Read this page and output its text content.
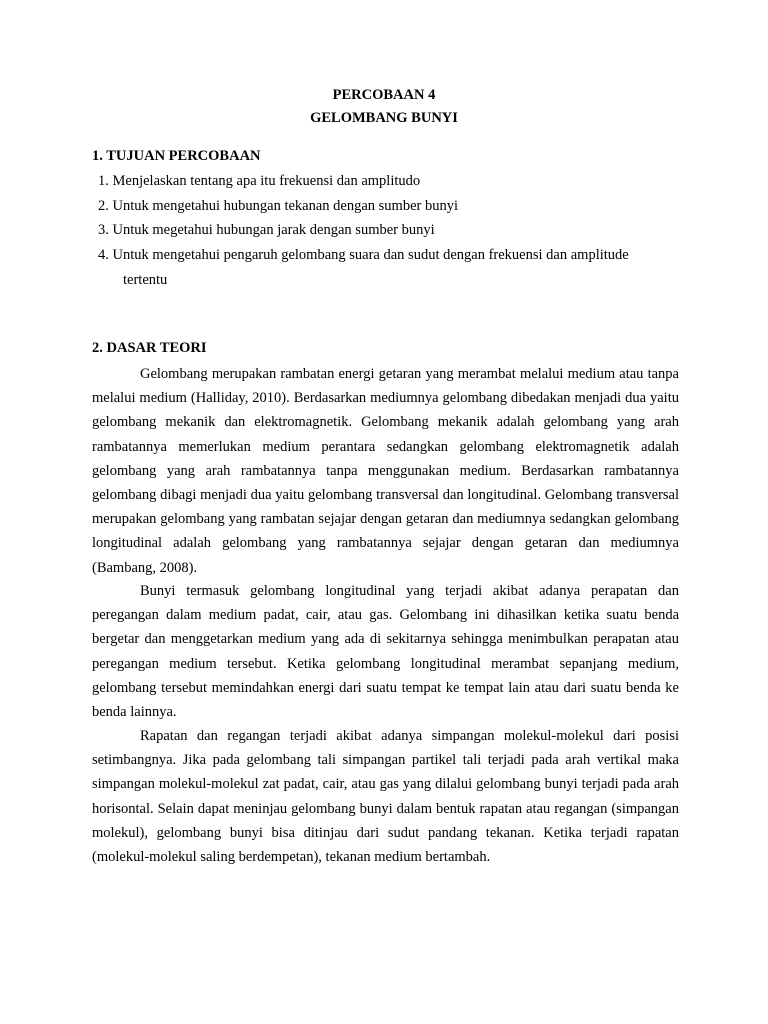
PERCOBAAN 4
GELOMBANG BUNYI
1. TUJUAN PERCOBAAN
1. Menjelaskan tentang apa itu frekuensi dan amplitudo
2. Untuk mengetahui hubungan tekanan dengan sumber bunyi
3. Untuk megetahui hubungan jarak dengan sumber bunyi
4. Untuk mengetahui pengaruh gelombang suara dan sudut dengan frekuensi dan amplitude
tertentu
2. DASAR TEORI

Gelombang merupakan rambatan energi getaran yang merambat melalui medium atau tanpa melalui medium (Halliday, 2010). Berdasarkan mediumnya gelombang dibedakan menjadi dua yaitu gelombang mekanik dan elektromagnetik. Gelombang mekanik adalah gelombang yang arah rambatannya memerlukan medium perantara sedangkan gelombang elektromagnetik adalah gelombang yang arah rambatannya tanpa menggunakan medium. Berdasarkan rambatannya gelombang dibagi menjadi dua yaitu gelombang transversal dan longitudinal. Gelombang transversal merupakan gelombang yang rambatan sejajar dengan getaran dan mediumnya sedangkan gelombang longitudinal adalah gelombang yang rambatannya sejajar dengan getaran dan mediumnya (Bambang, 2008).

Bunyi termasuk gelombang longitudinal yang terjadi akibat adanya perapatan dan peregangan dalam medium padat, cair, atau gas. Gelombang ini dihasilkan ketika suatu benda bergetar dan menggetarkan medium yang ada di sekitarnya sehingga menimbulkan perapatan atau peregangan medium tersebut. Ketika gelombang longitudinal merambat sepanjang medium, gelombang tersebut memindahkan energi dari suatu tempat ke tempat lain atau dari suatu benda ke benda lainnya.

Rapatan dan regangan terjadi akibat adanya simpangan molekul-molekul dari posisi setimbangnya. Jika pada gelombang tali simpangan partikel tali terjadi pada arah vertikal maka simpangan molekul-molekul zat padat, cair, atau gas yang dilalui gelombang bunyi terjadi pada arah horisontal. Selain dapat meninjau gelombang bunyi dalam bentuk rapatan atau regangan (simpangan molekul), gelombang bunyi bisa ditinjau dari sudut pandang tekanan. Ketika terjadi rapatan (molekul-molekul saling berdempetan), tekanan medium bertambah.
